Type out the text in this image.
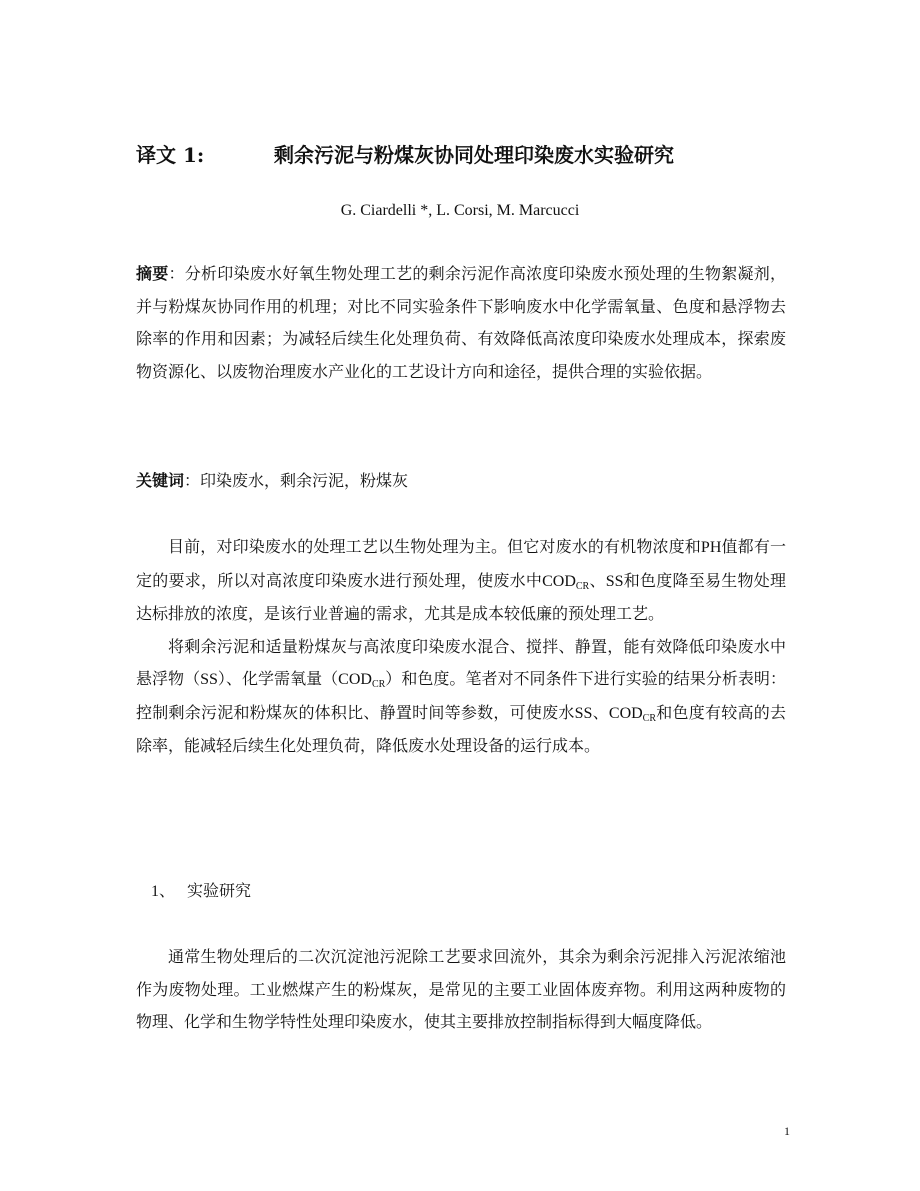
译文 1:	剩余污泥与粉煤灰协同处理印染废水实验研究
G. Ciardelli *, L. Corsi, M. Marcucci

摘要：分析印染废水好氧生物处理工艺的剩余污泥作高浓度印染废水预处理的生物絮凝剂，并与粉煤灰协同作用的机理；对比不同实验条件下影响废水中化学需氧量、色度和悬浮物去除率的作用和因素；为减轻后续生化处理负荷、有效降低高浓度印染废水处理成本，探索废物资源化、以废物治理废水产业化的工艺设计方向和途径，提供合理的实验依据。

关键词：印染废水，剩余污泥，粉煤灰

目前，对印染废水的处理工艺以生物处理为主。但它对废水的有机物浓度和PH值都有一定的要求，所以对高浓度印染废水进行预处理，使废水中$COD_{CR}$、SS和色度降至易生物处理达标排放的浓度，是该行业普遍的需求，尤其是成本较低廉的预处理工艺。

将剩余污泥和适量粉煤灰与高浓度印染废水混合、搅拌、静置，能有效降低印染废水中悬浮物（SS）、化学需氧量$(COD_{CR})$和色度。笔者对不同条件下进行实验的结果分析表明：控制剩余污泥和粉煤灰的体积比、静置时间等参数，可使废水SS、$COD_{CR}$和色度有较高的去除率，能减轻后续生化处理负荷，降低废水处理设备的运行成本。

1、 实验研究

通常生物处理后的二次沉淀池污泥除工艺要求回流外，其余为剩余污泥排入污泥浓缩池作为废物处理。工业燃煤产生的粉煤灰，是常见的主要工业固体废弃物。利用这两种废物的物理、化学和生物学特性处理印染废水，使其主要排放控制指标得到大幅度降低。

1
